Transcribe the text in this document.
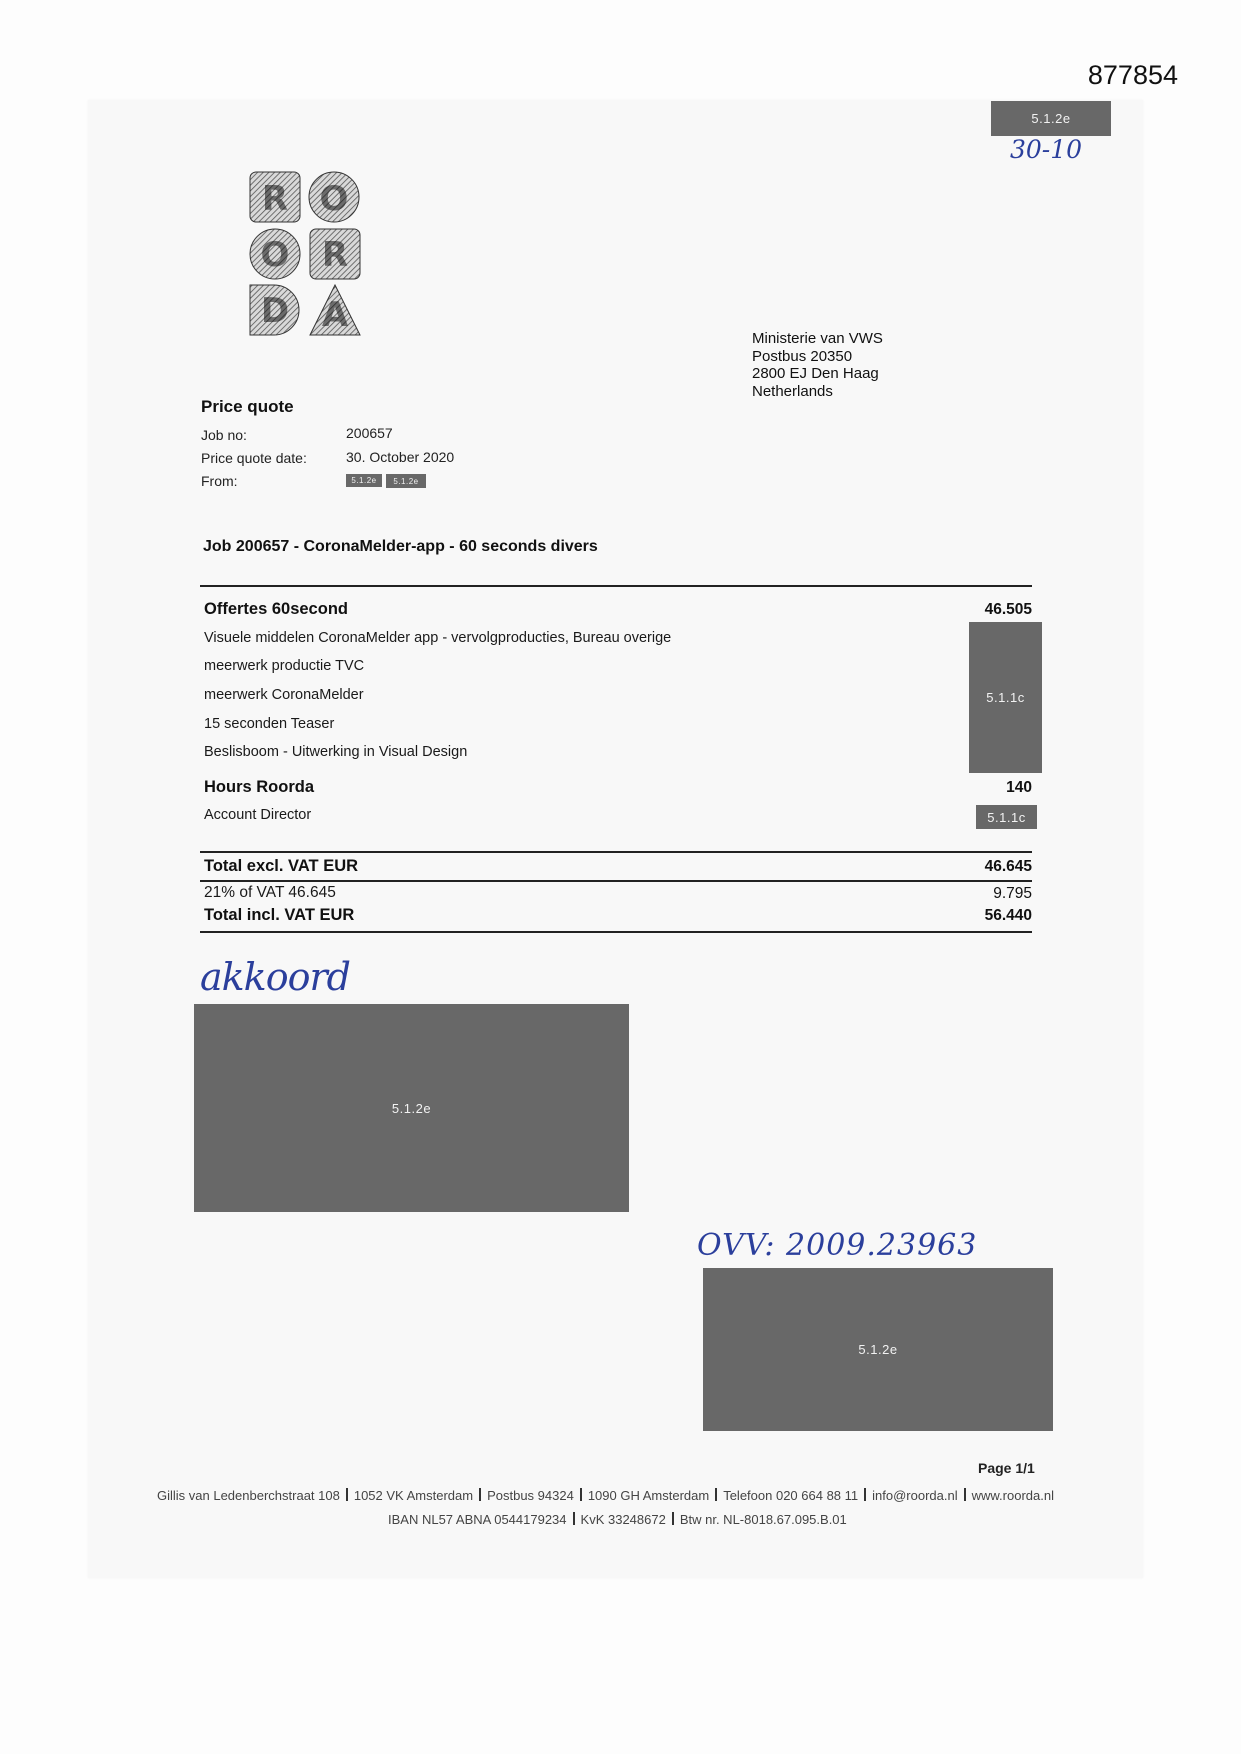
877854
5.1.2e
30-10
R O
O R
D A
Ministerie van VWS
Postbus 20350
2800 EJ Den Haag
Netherlands
Price quote
Job no:	200657
Price quote date:	30. October 2020
From:	5.1.2e	5.1.2e
Job 200657 - CoronaMelder-app - 60 seconds divers
Offertes 60second	46.505
Visuele middelen CoronaMelder app - vervolgproducties, Bureau overige
meerwerk productie TVC
meerwerk CoronaMelder
15 seconden Teaser
Beslisboom - Uitwerking in Visual Design
5.1.1c
Hours Roorda	140
Account Director	5.1.1c
Total excl. VAT EUR	46.645
21% of VAT 46.645	9.795
Total incl. VAT EUR	56.440
akkoord
5.1.2e
OVV: 2009.23963
5.1.2e
Page 1/1
Gillis van Ledenberchstraat 108 1052 VK Amsterdam Postbus 94324 1090 GH Amsterdam Telefoon 020 664 88 11 info@roorda.nl www.roorda.nl
IBAN NL57 ABNA 0544179234 KvK 33248672 Btw nr. NL-8018.67.095.B.01
